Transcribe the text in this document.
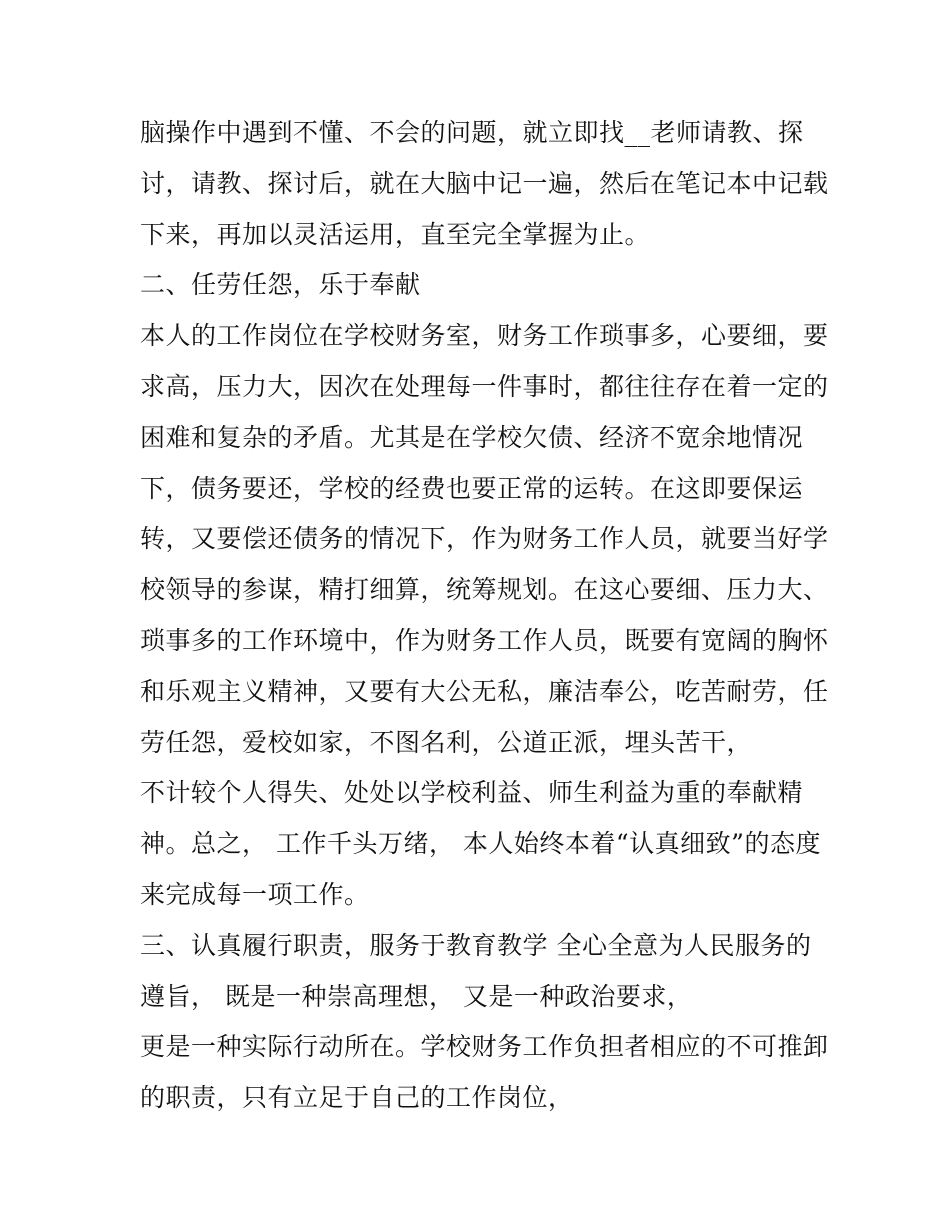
脑操作中遇到不懂、不会的问题，就立即找__老师请教、探
讨，请教、探讨后，就在大脑中记一遍，然后在笔记本中记载
下来，再加以灵活运用，直至完全掌握为止。
二、任劳任怨，乐于奉献
本人的工作岗位在学校财务室，财务工作琐事多，心要细，要
求高，压力大，因次在处理每一件事时，都往往存在着一定的
困难和复杂的矛盾。尤其是在学校欠债、经济不宽余地情况
下，债务要还，学校的经费也要正常的运转。在这即要保运
转，又要偿还债务的情况下，作为财务工作人员，就要当好学
校领导的参谋，精打细算，统筹规划。在这心要细、压力大、
琐事多的工作环境中，作为财务工作人员，既要有宽阔的胸怀
和乐观主义精神，又要有大公无私，廉洁奉公，吃苦耐劳，任
劳任怨，爱校如家，不图名利，公道正派，埋头苦干，
不计较个人得失、处处以学校利益、师生利益为重的奉献精
神。总之， 工作千头万绪， 本人始终本着“认真细致”的态度
来完成每一项工作。
三、认真履行职责，服务于教育教学 全心全意为人民服务的
遵旨， 既是一种崇高理想， 又是一种政治要求，
更是一种实际行动所在。学校财务工作负担者相应的不可推卸
的职责，只有立足于自己的工作岗位，
